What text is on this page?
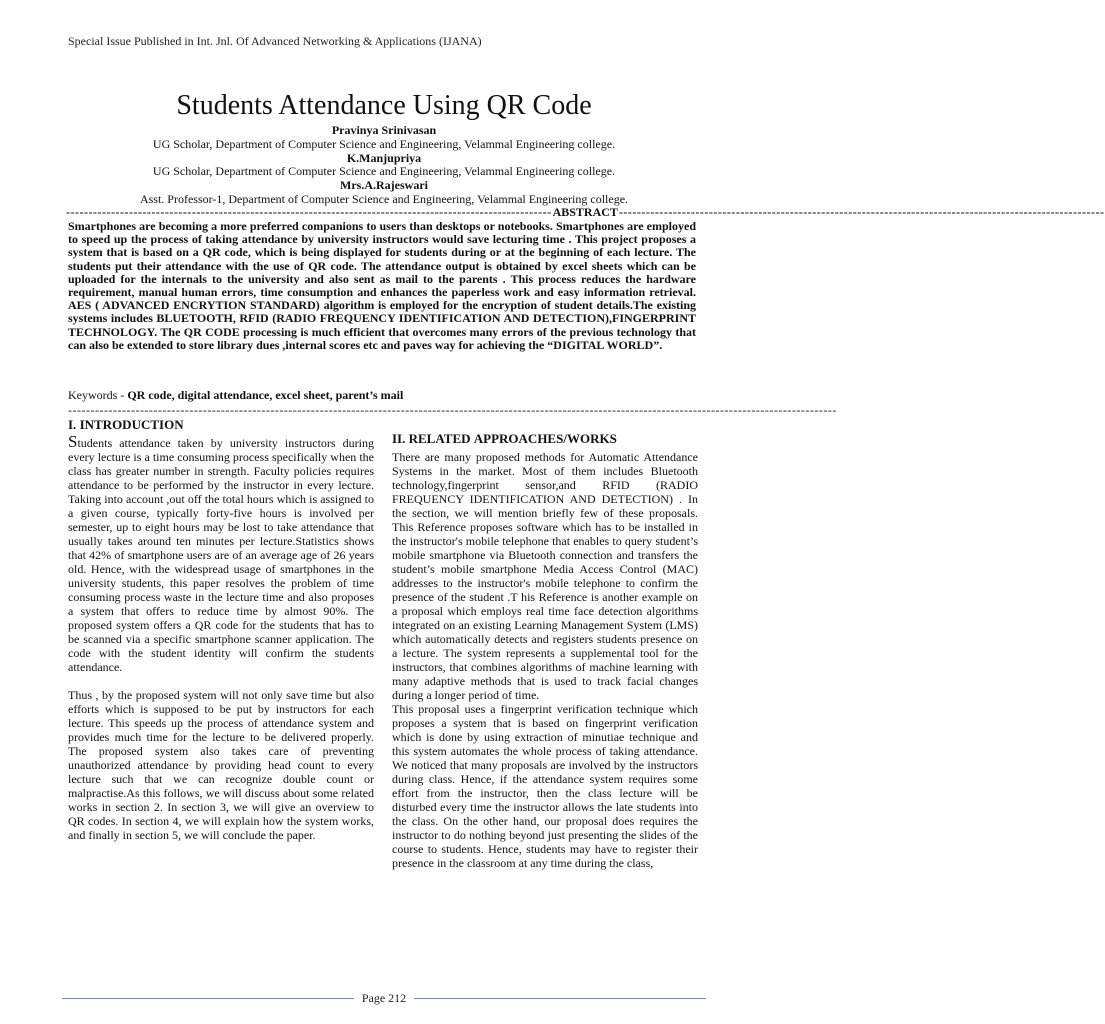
Special Issue Published in Int. Jnl. Of Advanced Networking & Applications (IJANA)
Students Attendance Using QR Code
Pravinya Srinivasan
UG Scholar, Department of Computer Science and Engineering, Velammal Engineering college.
K.Manjupriya
UG Scholar, Department of Computer Science and Engineering, Velammal Engineering college.
Mrs.A.Rajeswari
Asst. Professor-1, Department of Computer Science and Engineering, Velammal Engineering college.
------------------------------------------------------------------------------------------------------------ ABSTRACT ------------------------------------------------------------------------------------------------------------

Smartphones are becoming a more preferred companions to users than desktops or notebooks. Smartphones are employed to speed up the process of taking attendance by university instructors would save lecturing time . This project proposes a system that is based on a QR code, which is being displayed for students during or at the beginning of each lecture. The students put their attendance with the use of QR code. The attendance output is obtained by excel sheets which can be uploaded for the internals to the university and also sent as mail to the parents . This process reduces the hardware requirement, manual human errors, time consumption and enhances the paperless work and easy information retrieval. AES ( ADVANCED ENCRYTION STANDARD) algorithm is employed for the encryption of student details.The existing systems includes BLUETOOTH, RFID (RADIO FREQUENCY IDENTIFICATION AND DETECTION),FINGERPRINT TECHNOLOGY. The QR CODE processing is much efficient that overcomes many errors of the previous technology that can also be extended to store library dues ,internal scores etc and paves way for achieving the “DIGITAL WORLD”.

Keywords - QR code, digital attendance, excel sheet, parent’s mail

---------------------------------------------------------------------------------------------------------------------------------------------------------------------------
I. INTRODUCTION

Students attendance taken by university instructors during every lecture is a time consuming process specifically when the class has greater number in strength. Faculty policies requires attendance to be performed by the instructor in every lecture. Taking into account ,out off the total hours which is assigned to a given course, typically forty-five hours is involved per semester, up to eight hours may be lost to take attendance that usually takes around ten minutes per lecture.Statistics shows that 42% of smartphone users are of an average age of 26 years old. Hence, with the widespread usage of smartphones in the university students, this paper resolves the problem of time consuming process waste in the lecture time and also proposes a system that offers to reduce time by almost 90%. The proposed system offers a QR code for the students that has to be scanned via a specific smartphone scanner application. The code with the student identity will confirm the students attendance.

Thus , by the proposed system will not only save time but also efforts which is supposed to be put by instructors for each lecture. This speeds up the process of attendance system and provides much time for the lecture to be delivered properly. The proposed system also takes care of preventing unauthorized attendance by providing head count to every lecture such that we can recognize double count or malpractise.As this follows, we will discuss about some related works in section 2. In section 3, we will give an overview to QR codes. In section 4, we will explain how the system works, and finally in section 5, we will conclude the paper.

II. RELATED APPROACHES/WORKS

There are many proposed methods for Automatic Attendance Systems in the market. Most of them includes Bluetooth technology,fingerprint sensor,and RFID (RADIO FREQUENCY IDENTIFICATION AND DETECTION) . In the section, we will mention briefly few of these proposals. This Reference proposes software which has to be installed in the instructor's mobile telephone that enables to query student’s mobile smartphone via Bluetooth connection and transfers the student’s mobile smartphone Media Access Control (MAC) addresses to the instructor's mobile telephone to confirm the presence of the student .T his Reference is another example on a proposal which employs real time face detection algorithms integrated on an existing Learning Management System (LMS) which automatically detects and registers students presence on a lecture. The system represents a supplemental tool for the instructors, that combines algorithms of machine learning with many adaptive methods that is used to track facial changes during a longer period of time.

This proposal uses a fingerprint verification technique which proposes a system that is based on fingerprint verification which is done by using extraction of minutiae technique and this system automates the whole process of taking attendance. We noticed that many proposals are involved by the instructors during class. Hence, if the attendance system requires some effort from the instructor, then the class lecture will be disturbed every time the instructor allows the late students into the class. On the other hand, our proposal does requires the instructor to do nothing beyond just presenting the slides of the course to students. Hence, students may have to register their presence in the classroom at any time during the class,

Page 212
